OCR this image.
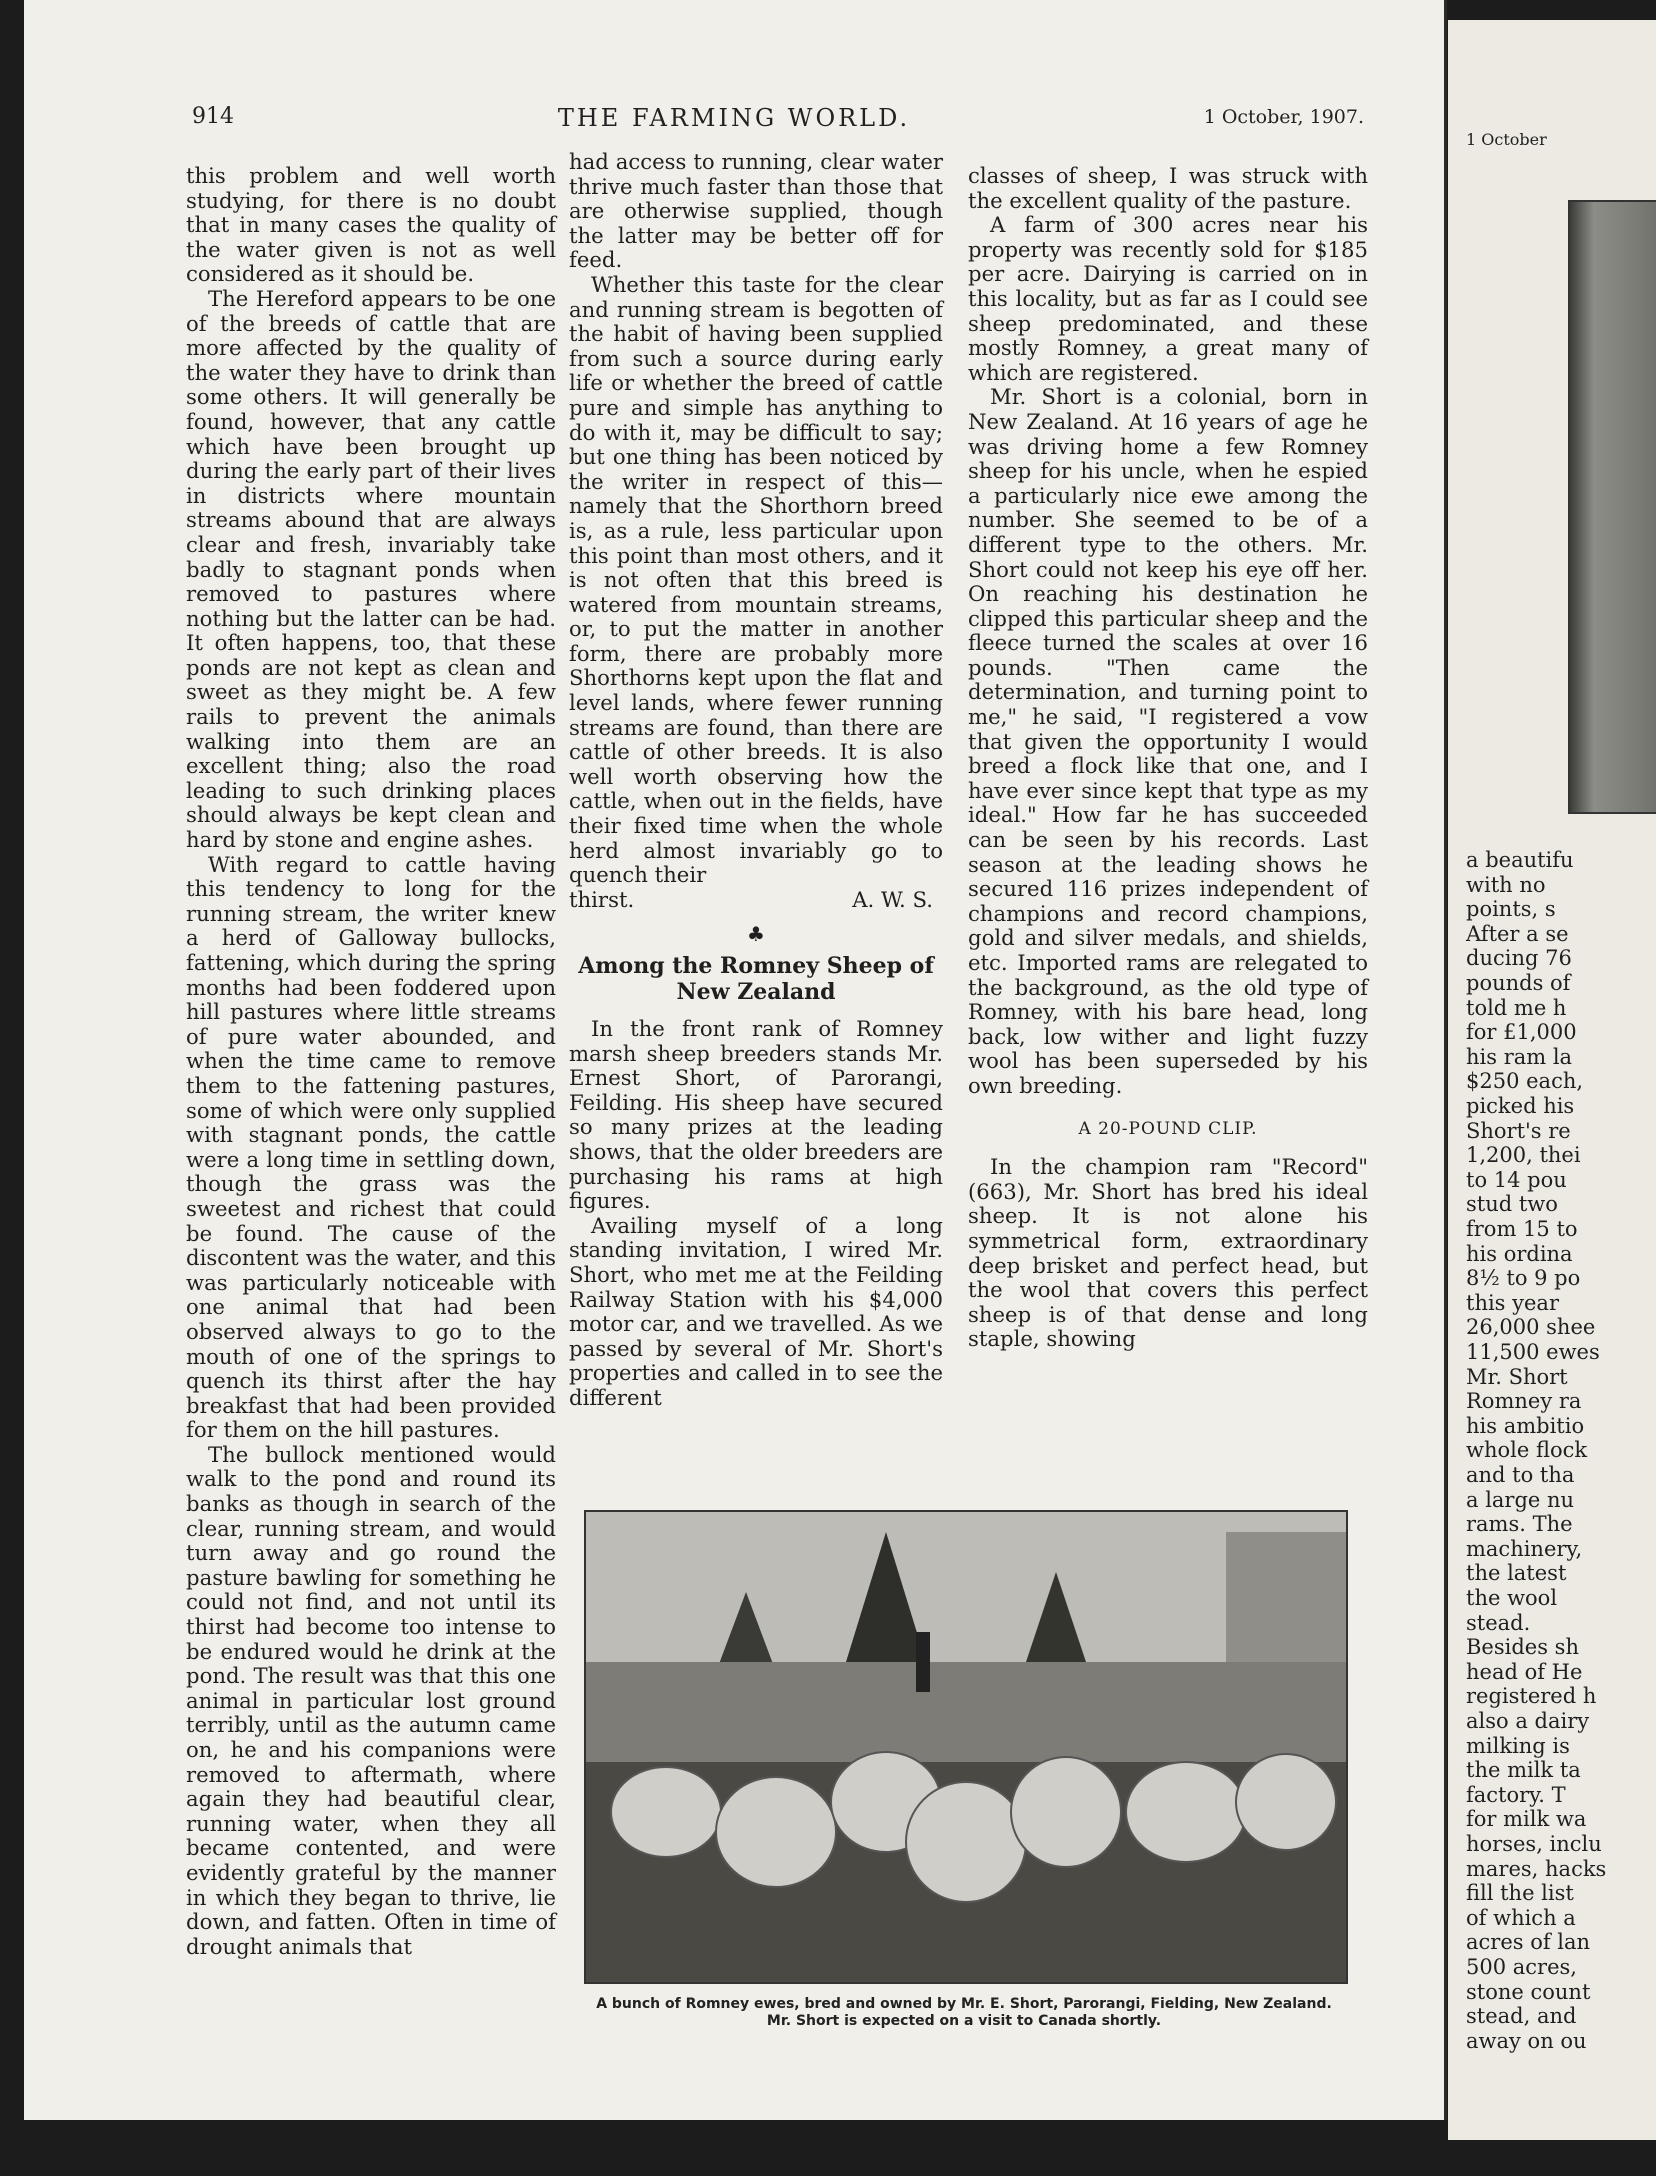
914	THE FARMING WORLD.	1 October, 1907.

this problem and well worth studying, for there is no doubt that in many cases the quality of the water given is not as well considered as it should be.

The Hereford appears to be one of the breeds of cattle that are more affected by the quality of the water they have to drink than some others. It will generally be found, however, that any cattle which have been brought up during the early part of their lives in districts where mountain streams abound that are always clear and fresh, invariably take badly to stagnant ponds when removed to pastures where nothing but the latter can be had. It often happens, too, that these ponds are not kept as clean and sweet as they might be. A few rails to prevent the animals walking into them are an excellent thing; also the road leading to such drinking places should always be kept clean and hard by stone and engine ashes.

With regard to cattle having this tendency to long for the running stream, the writer knew a herd of Galloway bullocks, fattening, which during the spring months had been foddered upon hill pastures where little streams of pure water abounded, and when the time came to remove them to the fattening pastures, some of which were only supplied with stagnant ponds, the cattle were a long time in settling down, though the grass was the sweetest and richest that could be found. The cause of the discontent was the water, and this was particularly noticeable with one animal that had been observed always to go to the mouth of one of the springs to quench its thirst after the hay breakfast that had been provided for them on the hill pastures.

The bullock mentioned would walk to the pond and round its banks as though in search of the clear, running stream, and would turn away and go round the pasture bawling for something he could not find, and not until its thirst had become too intense to be endured would he drink at the pond. The result was that this one animal in particular lost ground terribly, until as the autumn came on, he and his companions were removed to aftermath, where again they had beautiful clear, running water, when they all became contented, and were evidently grateful by the manner in which they began to thrive, lie down, and fatten. Often in time of drought animals that

had access to running, clear water thrive much faster than those that are otherwise supplied, though the latter may be better off for feed.

Whether this taste for the clear and running stream is begotten of the habit of having been supplied from such a source during early life or whether the breed of cattle pure and simple has anything to do with it, may be difficult to say; but one thing has been noticed by the writer in respect of this—namely that the Shorthorn breed is, as a rule, less particular upon this point than most others, and it is not often that this breed is watered from mountain streams, or, to put the matter in another form, there are probably more Shorthorns kept upon the flat and level lands, where fewer running streams are found, than there are cattle of other breeds. It is also well worth observing how the cattle, when out in the fields, have their fixed time when the whole herd almost invariably go to quench their

thirst.	A. W. S.
♣
Among the Romney Sheep of New Zealand

In the front rank of Romney marsh sheep breeders stands Mr. Ernest Short, of Parorangi, Feilding. His sheep have secured so many prizes at the leading shows, that the older breeders are purchasing his rams at high figures.

Availing myself of a long standing invitation, I wired Mr. Short, who met me at the Feilding Railway Station with his $4,000 motor car, and we travelled. As we passed by several of Mr. Short's properties and called in to see the different

classes of sheep, I was struck with the excellent quality of the pasture.

A farm of 300 acres near his property was recently sold for $185 per acre. Dairying is carried on in this locality, but as far as I could see sheep predominated, and these mostly Romney, a great many of which are registered.

Mr. Short is a colonial, born in New Zealand. At 16 years of age he was driving home a few Romney sheep for his uncle, when he espied a particularly nice ewe among the number. She seemed to be of a different type to the others. Mr. Short could not keep his eye off her. On reaching his destination he clipped this particular sheep and the fleece turned the scales at over 16 pounds. "Then came the determination, and turning point to me," he said, "I registered a vow that given the opportunity I would breed a flock like that one, and I have ever since kept that type as my ideal." How far he has succeeded can be seen by his records. Last season at the leading shows he secured 116 prizes independent of champions and record champions, gold and silver medals, and shields, etc. Imported rams are relegated to the background, as the old type of Romney, with his bare head, long back, low wither and light fuzzy wool has been superseded by his own breeding.

A 20-POUND CLIP.

In the champion ram "Record" (663), Mr. Short has bred his ideal sheep. It is not alone his symmetrical form, extraordinary deep brisket and perfect head, but the wool that covers this perfect sheep is of that dense and long staple, showing

A bunch of Romney ewes, bred and owned by Mr. E. Short, Parorangi, Fielding, New Zealand.
Mr. Short is expected on a visit to Canada shortly.
1 October
a beautifu
with no
points, s
After a se
ducing 76
pounds of
told me h
for £1,000
his ram la
$250 each,
picked his
Short's re
1,200, thei
to 14 pou
stud two
from 15 to
his ordina
8½ to 9 po
this year
26,000 shee
11,500 ewes
Mr. Short
Romney ra
his ambitio
whole flock
and to tha
a large nu
rams. The
machinery,
the latest
the wool
stead.
Besides sh
head of He
registered h
also a dairy
milking is
the milk ta
factory. T
for milk wa
horses, inclu
mares, hacks
fill the list
of which a
acres of lan
500 acres,
stone count
stead, and
away on ou
